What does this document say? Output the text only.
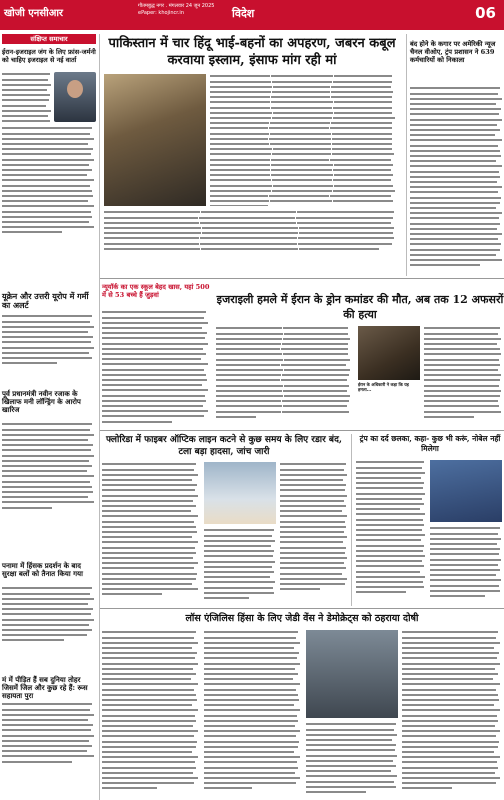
खोजी एनसीआर
गौतमबुद्ध नगर . मंगलवार 24 जून 2025
ePaper: khojincr.in	विदेश	06
संक्षिप्त समाचार
ईरान-इजराइल जंग के लिए फ्रांस-जर्मनी को चाहिए इजराइल से नई वार्ता
यूक्रेन और उत्तरी यूरोप में गर्मी का अलर्ट
पूर्व प्रधानमंत्री नवीन रजाक के खिलाफ मनी लॉन्ड्रिंग के आरोप खारिज
पनामा में हिंसक प्रदर्शन के बाद सुरक्षा बलों को तैनात किया गया
मं में पीड़ित हैं सब दुनिया तोहर जिसमें जिल और कुछ रहे हैं: रूस सहायता पुरा
पाकिस्तान में चार हिंदू भाई-बहनों का अपहरण, जबरन कबूल करवाया इस्लाम, इंसाफ मांग रही मां
बंद होने के कगार पर अमेरिकी न्यूज चैनल वीओए, ट्रंप प्रशासन ने 639 कर्मचारियों को निकाला
न्यूयॉर्क का एक स्कूल बेहद खास, यहां 500 में से 53 बच्चे हैं जुड़वां	इजराइली हमले में ईरान के ड्रोन कमांडर की मौत, अब तक 12 अफसरों की हत्या
ईरान के अधिकारी ने कहा कि यह हमला...
फ्लोरिडा में फाइबर ऑप्टिक लाइन कटने से कुछ समय के लिए रडार बंद, टला बड़ा हादसा, जांच जारी
ट्रंप का दर्द छलका, कहा- कुछ भी करूं, नोबेल नहीं मिलेगा
लॉस एंजिलिस हिंसा के लिए जेडी वेंस ने डेमोक्रेट्स को ठहराया दोषी
